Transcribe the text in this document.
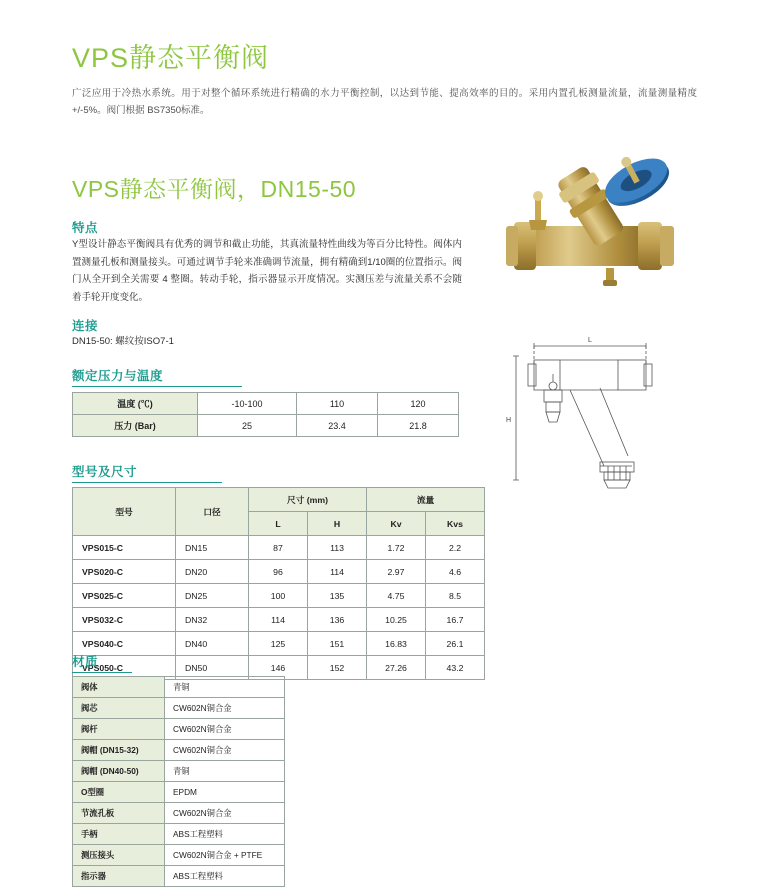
VPS静态平衡阀
广泛应用于冷热水系统。用于对整个循环系统进行精确的水力平衡控制，以达到节能、提高效率的目的。采用内置孔板测量流量，流量测量精度+/-5%。阀门根据 BS7350标准。
VPS静态平衡阀，DN15-50
特点
Y型设计静态平衡阀具有优秀的调节和截止功能，其真流量特性曲线为等百分比特性。阀体内置测量孔板和测量接头。可通过调节手轮来准确调节流量，拥有精确到1/10圈的位置指示。阀门从全开到全关需要 4 整圈。转动手轮，指示器显示开度情况。实测压差与流量关系不会随着手轮开度变化。
连接
DN15-50: 螺纹按ISO7-1
额定压力与温度
温度 (℃)	-10-100	110	120
压力 (Bar)	25	23.4	21.8
型号及尺寸
型号	口径	尺寸 (mm)		流量	
		L	H	Kv	Kvs
VPS015-C	DN15	87	113	1.72	2.2
VPS020-C	DN20	96	114	2.97	4.6
VPS025-C	DN25	100	135	4.75	8.5
VPS032-C	DN32	114	136	10.25	16.7
VPS040-C	DN40	125	151	16.83	26.1
VPS050-C	DN50	146	152	27.26	43.2
材质
阀体	青铜
阀芯	CW602N铜合金
阀杆	CW602N铜合金
阀帽 (DN15-32)	CW602N铜合金
阀帽 (DN40-50)	青铜
O型圈	EPDM
节流孔板	CW602N铜合金
手柄	ABS工程塑料
测压接头	CW602N铜合金 + PTFE
指示器	ABS工程塑料
L
H
